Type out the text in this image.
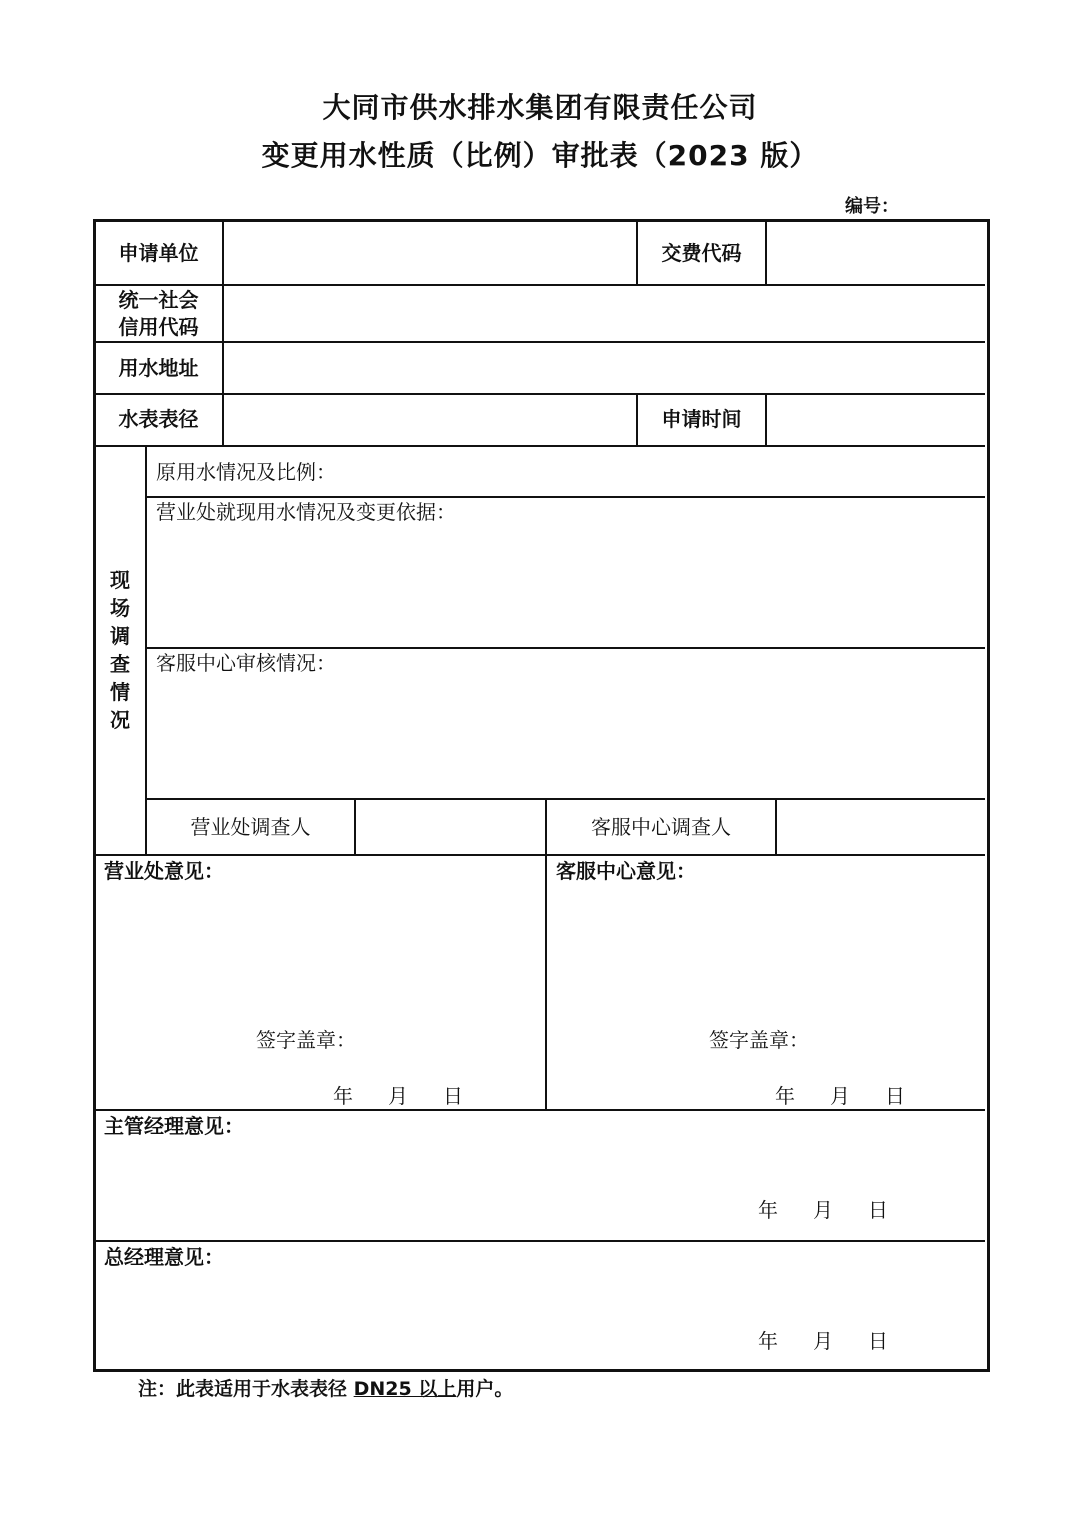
大同市供水排水集团有限责任公司
变更用水性质（比例）审批表（2023 版）
编号：
申请单位	交费代码
统一社会
信用代码
用水地址
水表表径	申请时间
现场调查情况
原用水情况及比例：
营业处就现用水情况及变更依据：
客服中心审核情况：
营业处调查人	客服中心调查人
营业处意见：
签字盖章：
年 月 日
客服中心意见：
签字盖章：
年 月 日
主管经理意见：
年 月 日
总经理意见：
年 月 日
注：此表适用于水表表径 DN25 以上用户。
